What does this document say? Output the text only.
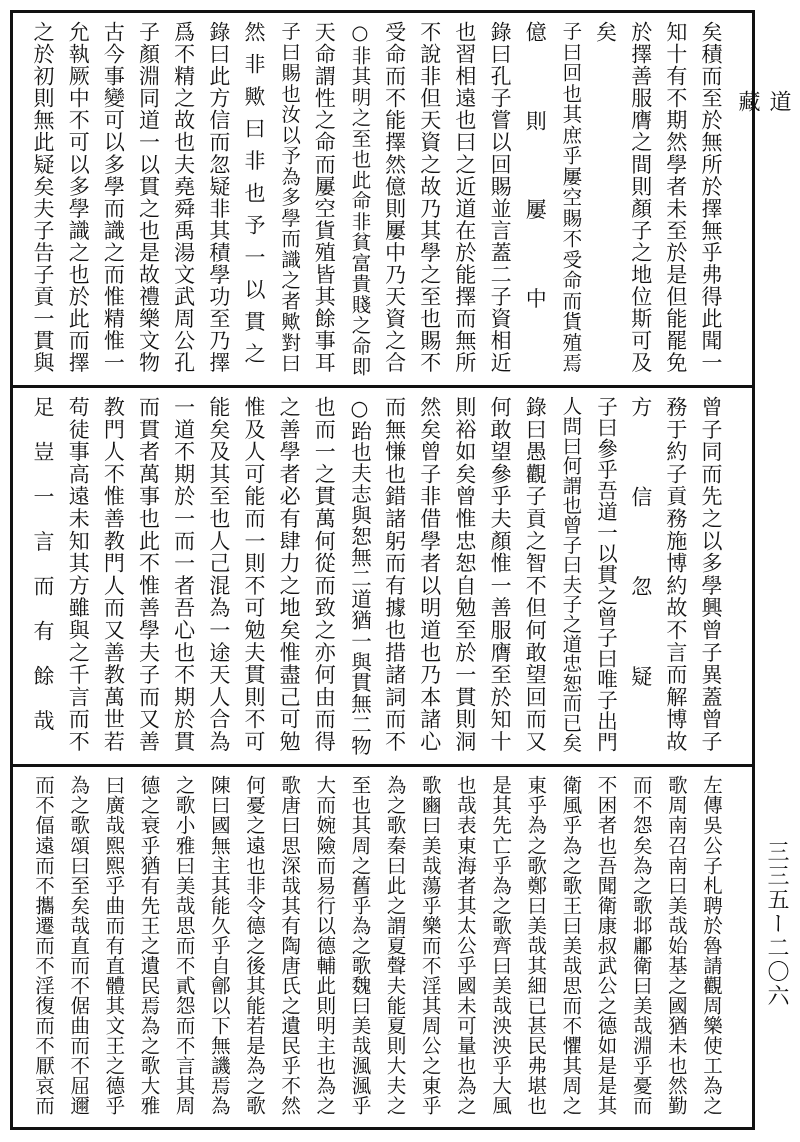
矣積而至於無所於擇無乎弗得此聞一
知十有不期然學者未至於是但能罷免
於擇善服膺之間則顏子之地位斯可及
矣
子曰回也其庶乎屢空賜不受命而貨殖焉
億則屢中
錄曰孔子嘗以回賜並言蓋二子資相近
也習相遠也曰之近道在於能擇而無所
不說非但天資之故乃其學之至也賜不
受命而不能擇然億則屢中乃天資之合
○非其明之至也此命非貧富貴賤之命即
天命謂性之命而屢空貨殖皆其餘事耳
子曰賜也汝以予為多學而識之者歟對曰
然非歟曰非也予一以貫之
錄曰此方信而忽疑非其積學功至乃擇
爲不精之故也夫堯舜禹湯文武周公孔
子顏淵同道一以貫之也是故禮樂文物
古今事變可以多學而識之而惟精惟一
允執厥中不可以多學識之也於此而擇
之於初則無此疑矣夫子告子貢一貫與
曾子同而先之以多學興曾子異蓋曾子
務于約子貢務施博約故不言而解博故
方信忽疑
子曰參乎吾道一以貫之曾子曰唯子出門
人問曰何謂也曾子曰夫子之道忠恕而已矣
錄曰愚觀子貢之智不但何敢望回而又
何敢望參乎夫顏惟一善服膺至於知十
則裕如矣曾惟忠恕自勉至於一貫則洞
然矣曾子非借學者以明道也乃本諸心
而無慊也錯諸躬而有據也措諸詞而不
○跆也夫志與恕無二道猶一與貫無二物
也而一之貫萬何從而致之亦何由而得
之善學者必有肆力之地矣惟盡己可勉
惟及人可能而一則不可勉夫貫則不可
能矣及其至也人己混為一途天人合為
一道不期於一而一者吾心也不期於貫
而貫者萬事也此不惟善學夫子而又善
教門人不惟善教門人而又善教萬世若
苟徒事高遠未知其方雖與之千言而不
足豈一言而有餘哉
左傳吳公子札聘於魯請觀周樂使工為之
歌周南召南曰美哉始基之國猶未也然勤
而不怨矣為之歌邶鄘衛曰美哉淵乎憂而
不困者也吾聞衛康叔武公之德如是是其
衛風乎為之歌王曰美哉思而不懼其周之
東乎為之歌鄭曰美哉其細已甚民弗堪也
是其先亡乎為之歌齊曰美哉泱泱乎大風
也哉表東海者其太公乎國未可量也為之
歌豳曰美哉蕩乎樂而不淫其周公之東乎
為之歌秦曰此之謂夏聲夫能夏則大夫之
至也其周之舊乎為之歌魏曰美哉渢渢乎
大而婉險而易行以德輔此則明主也為之
歌唐曰思深哉其有陶唐氏之遺民乎不然
何憂之遠也非令德之後其能若是為之歌
陳曰國無主其能久乎自鄶以下無譏焉為
之歌小雅曰美哉思而不貳怨而不言其周
德之衰乎猶有先王之遺民焉為之歌大雅
曰廣哉熙熙乎曲而有直體其文王之德乎
為之歌頌曰至矣哉直而不倨曲而不屈邇
而不偪遠而不攜遷而不淫復而不厭哀而
道 藏
三三五ー二〇六
